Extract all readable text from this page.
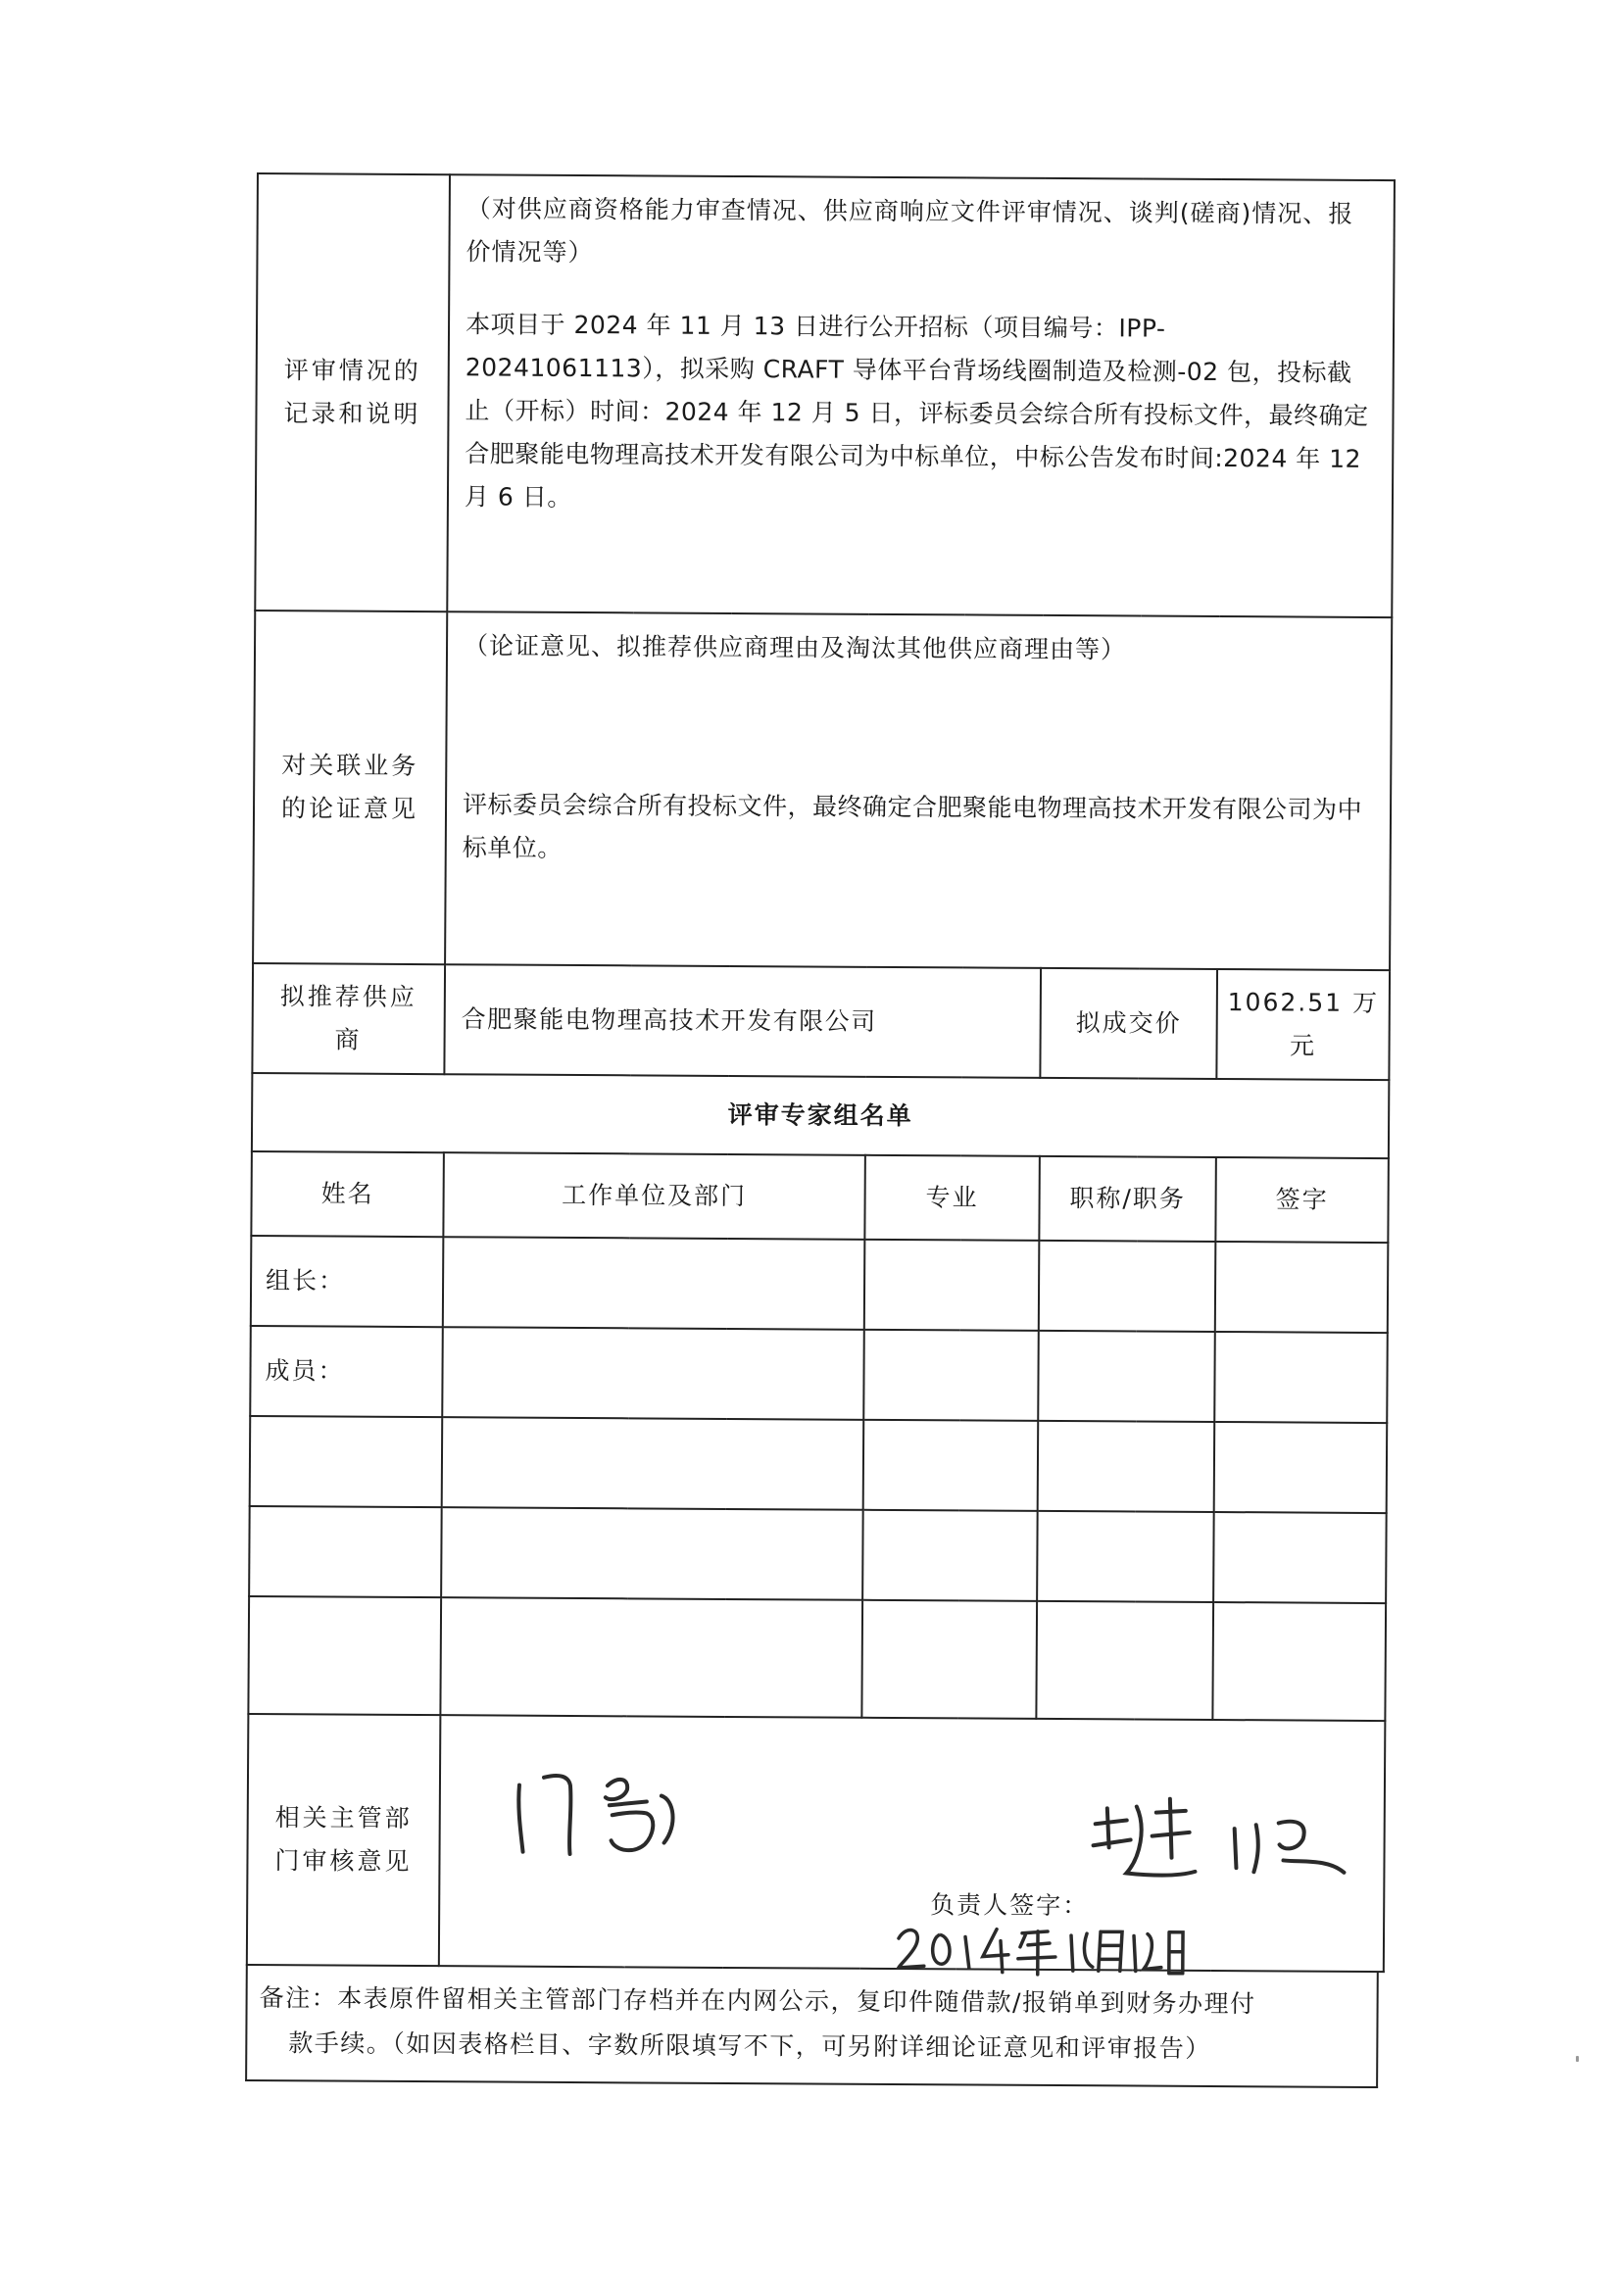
评审情况的
记录和说明	（对供应商资格能力审查情况、供应商响应文件评审情况、谈判(磋商)情况、报价情况等）
本项目于 2024 年 11 月 13 日进行公开招标（项目编号：IPP-20241061113），拟采购 CRAFT 导体平台背场线圈制造及检测-02 包，投标截止（开标）时间：2024 年 12 月 5 日，评标委员会综合所有投标文件，最终确定合肥聚能电物理高技术开发有限公司为中标单位，中标公告发布时间:2024 年 12 月 6 日。			

对关联业务
的论证意见	（论证意见、拟推荐供应商理由及淘汰其他供应商理由等）
评标委员会综合所有投标文件，最终确定合肥聚能电物理高技术开发有限公司为中标单位。			

拟推荐供应
商	合肥聚能电物理高技术开发有限公司		拟成交价	1062.51 万元
评审专家组名单				
姓名	工作单位及部门	专业	职称/职务	签字
组长：				
成员：				

相关主管部
门审核意见	负责人签字：			
备注：本表原件留相关主管部门存档并在内网公示，复印件随借款/报销单到财务办理付
款手续。（如因表格栏目、字数所限填写不下，可另附详细论证意见和评审报告）
